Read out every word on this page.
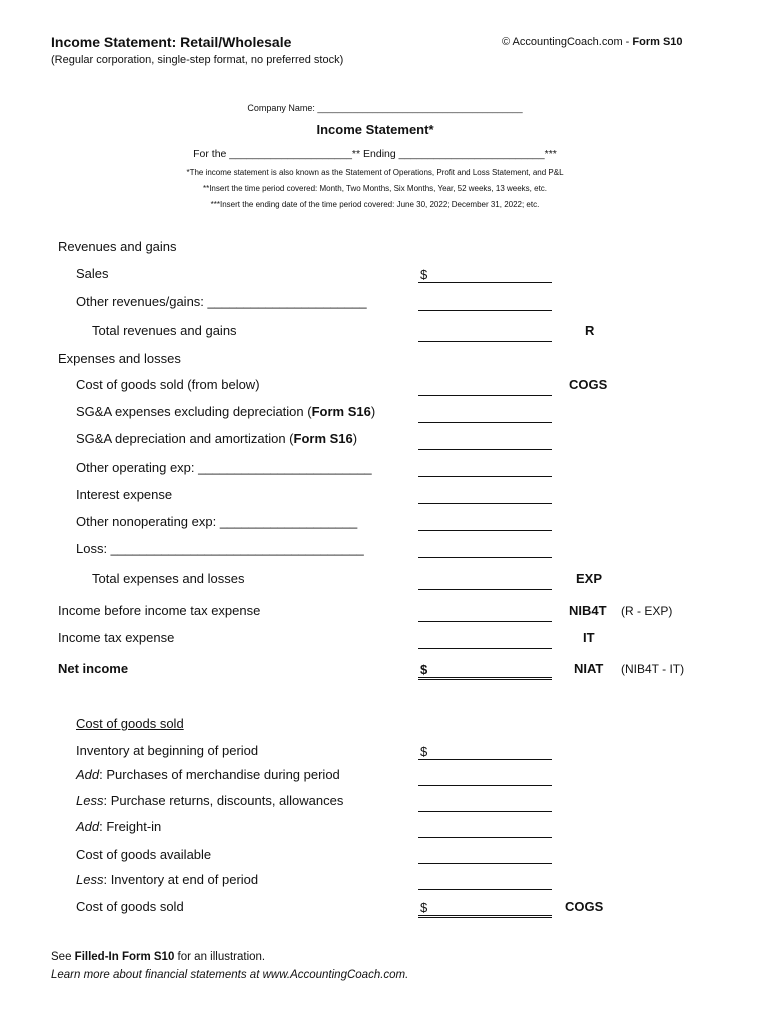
Income Statement: Retail/Wholesale
(Regular corporation, single-step format, no preferred stock)
© AccountingCoach.com - Form S10
Company Name: _________________________________________
Income Statement*
For the _____________________** Ending _________________________***
*The income statement is also known as the Statement of Operations, Profit and Loss Statement, and P&L
**Insert the time period covered: Month, Two Months, Six Months, Year, 52 weeks, 13 weeks, etc.
***Insert the ending date of the time period covered: June 30, 2022; December 31, 2022; etc.
Revenues and gains
Sales	$
Other revenues/gains: ______________________
Total revenues and gains	R
Expenses and losses
Cost of goods sold (from below)	COGS
SG&A expenses excluding depreciation (Form S16)
SG&A depreciation and amortization (Form S16)
Other operating exp: ________________________
Interest expense
Other nonoperating exp: ___________________
Loss: ___________________________________
Total expenses and losses	EXP
Income before income tax expense	NIB4T (R - EXP)
Income tax expense	IT
Net income	$	NIAT (NIB4T - IT)
Cost of goods sold
Inventory at beginning of period	$
Add: Purchases of merchandise during period
Less: Purchase returns, discounts, allowances
Add: Freight-in
Cost of goods available
Less: Inventory at end of period
Cost of goods sold	$	COGS
See Filled-In Form S10 for an illustration.
Learn more about financial statements at www.AccountingCoach.com.
